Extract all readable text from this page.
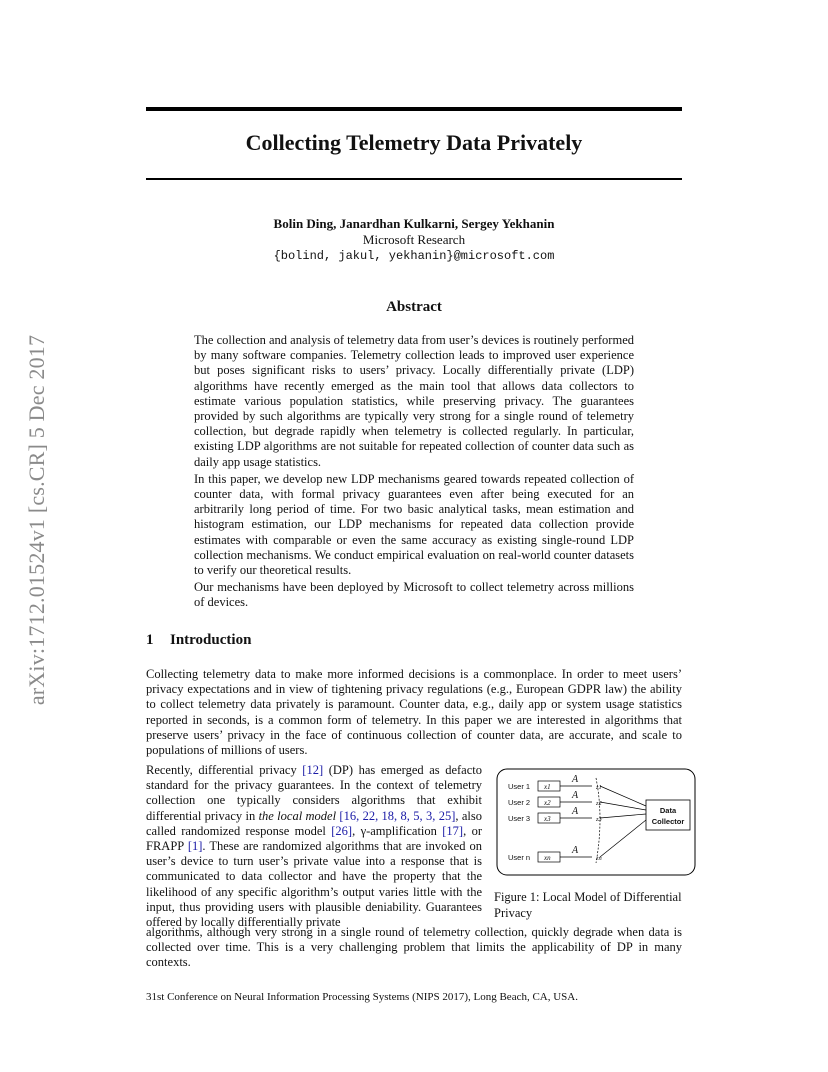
arXiv:1712.01524v1 [cs.CR] 5 Dec 2017
Collecting Telemetry Data Privately
Bolin Ding, Janardhan Kulkarni, Sergey Yekhanin
Microsoft Research
{bolind, jakul, yekhanin}@microsoft.com
Abstract

The collection and analysis of telemetry data from user’s devices is routinely performed by many software companies. Telemetry collection leads to improved user experience but poses significant risks to users’ privacy. Locally differentially private (LDP) algorithms have recently emerged as the main tool that allows data collectors to estimate various population statistics, while preserving privacy. The guarantees provided by such algorithms are typically very strong for a single round of telemetry collection, but degrade rapidly when telemetry is collected regularly. In particular, existing LDP algorithms are not suitable for repeated collection of counter data such as daily app usage statistics.

In this paper, we develop new LDP mechanisms geared towards repeated collection of counter data, with formal privacy guarantees even after being executed for an arbitrarily long period of time. For two basic analytical tasks, mean estimation and histogram estimation, our LDP mechanisms for repeated data collection provide estimates with comparable or even the same accuracy as existing single-round LDP collection mechanisms. We conduct empirical evaluation on real-world counter datasets to verify our theoretical results.

Our mechanisms have been deployed by Microsoft to collect telemetry across millions of devices.

1 Introduction

Collecting telemetry data to make more informed decisions is a commonplace. In order to meet users’ privacy expectations and in view of tightening privacy regulations (e.g., European GDPR law) the ability to collect telemetry data privately is paramount. Counter data, e.g., daily app or system usage statistics reported in seconds, is a common form of telemetry. In this paper we are interested in algorithms that preserve users’ privacy in the face of continuous collection of counter data, are accurate, and scale to populations of millions of users.

Recently, differential privacy [12] (DP) has emerged as defacto standard for the privacy guarantees. In the context of telemetry collection one typically considers algorithms that exhibit differential privacy in the local model [16, 22, 18, 8, 5, 3, 25], also called randomized response model [26], γ-amplification [17], or FRAPP [1]. These are randomized algorithms that are invoked on user’s device to turn user’s private value into a response that is communicated to data collector and have the property that the likelihood of any specific algorithm’s output varies little with the input, thus providing users with plausible deniability. Guarantees offered by locally differentially private

algorithms, although very strong in a single round of telemetry collection, quickly degrade when data is collected over time. This is a very challenging problem that limits the applicability of DP in many contexts.

User 1
User 2
User 3
User n
x1
x2
x3
xn
A
A
A
A
z1
z2
z3
zn
Data
Collector
Figure 1: Local Model of Differential Privacy
31st Conference on Neural Information Processing Systems (NIPS 2017), Long Beach, CA, USA.
